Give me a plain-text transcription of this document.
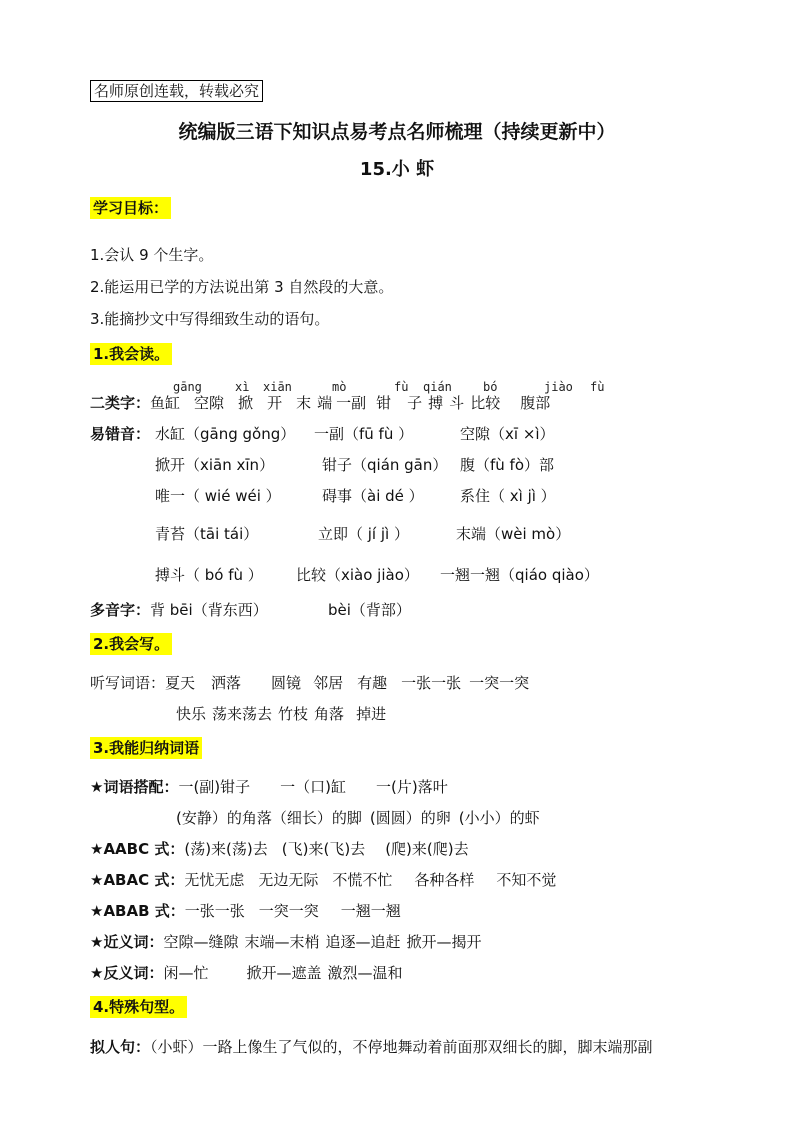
名师原创连载，转载必究
统编版三语下知识点易考点名师梳理（持续更新中）
15.小 虾
学习目标：
1.会认 9 个生字。
2.能运用已学的方法说出第 3 自然段的大意。
3.能摘抄文中写得细致生动的语句。
1.我会读。
gāng	xì xiān	mò	fù qián	bó	jiào fù
二类字：鱼缸 空隙 掀 开 末 端 一副 钳 子 搏 斗 比较 腹部
易错音： 水缸（gāng gǒng） 一副（fū fù ）	空隙（xī ×ì）
掀开（xiān xīn）	钳子（qián gān） 腹（fù fò）部
唯一（ wié wéi ）	碍事（ài dé ） 系住（ xì jì ）
青苔（tāi tái）	立即（ jí jì ）	末端（wèi mò）
搏斗（ bó fù ） 比较（xiào jiào） 一翘一翘（qiáo qiào）
多音字：背 bēi（背东西）	bèi（背部）
2.我会写。
听写词语：夏天 洒落 圆镜 邻居 有趣 一张一张 一突一突
快乐 荡来荡去 竹枝 角落 掉进
3.我能归纳词语
★词语搭配：一(副)钳子 一（口)缸 一(片)落叶
(安静）的角落（细长）的脚 (圆圆）的卵 (小小）的虾
★AABC 式：(荡)来(荡)去 (飞)来(飞)去 (爬)来(爬)去
★ABAC 式：无忧无虑 无边无际 不慌不忙 各种各样 不知不觉
★ABAB 式：一张一张 一突一突 一翘一翘
★近义词：空隙—缝隙 末端—末梢 追逐—追赶 掀开—揭开
★反义词：闲—忙	掀开—遮盖 激烈—温和
4.特殊句型。
拟人句：（小虾）一路上像生了气似的，不停地舞动着前面那双细长的脚，脚末端那副
